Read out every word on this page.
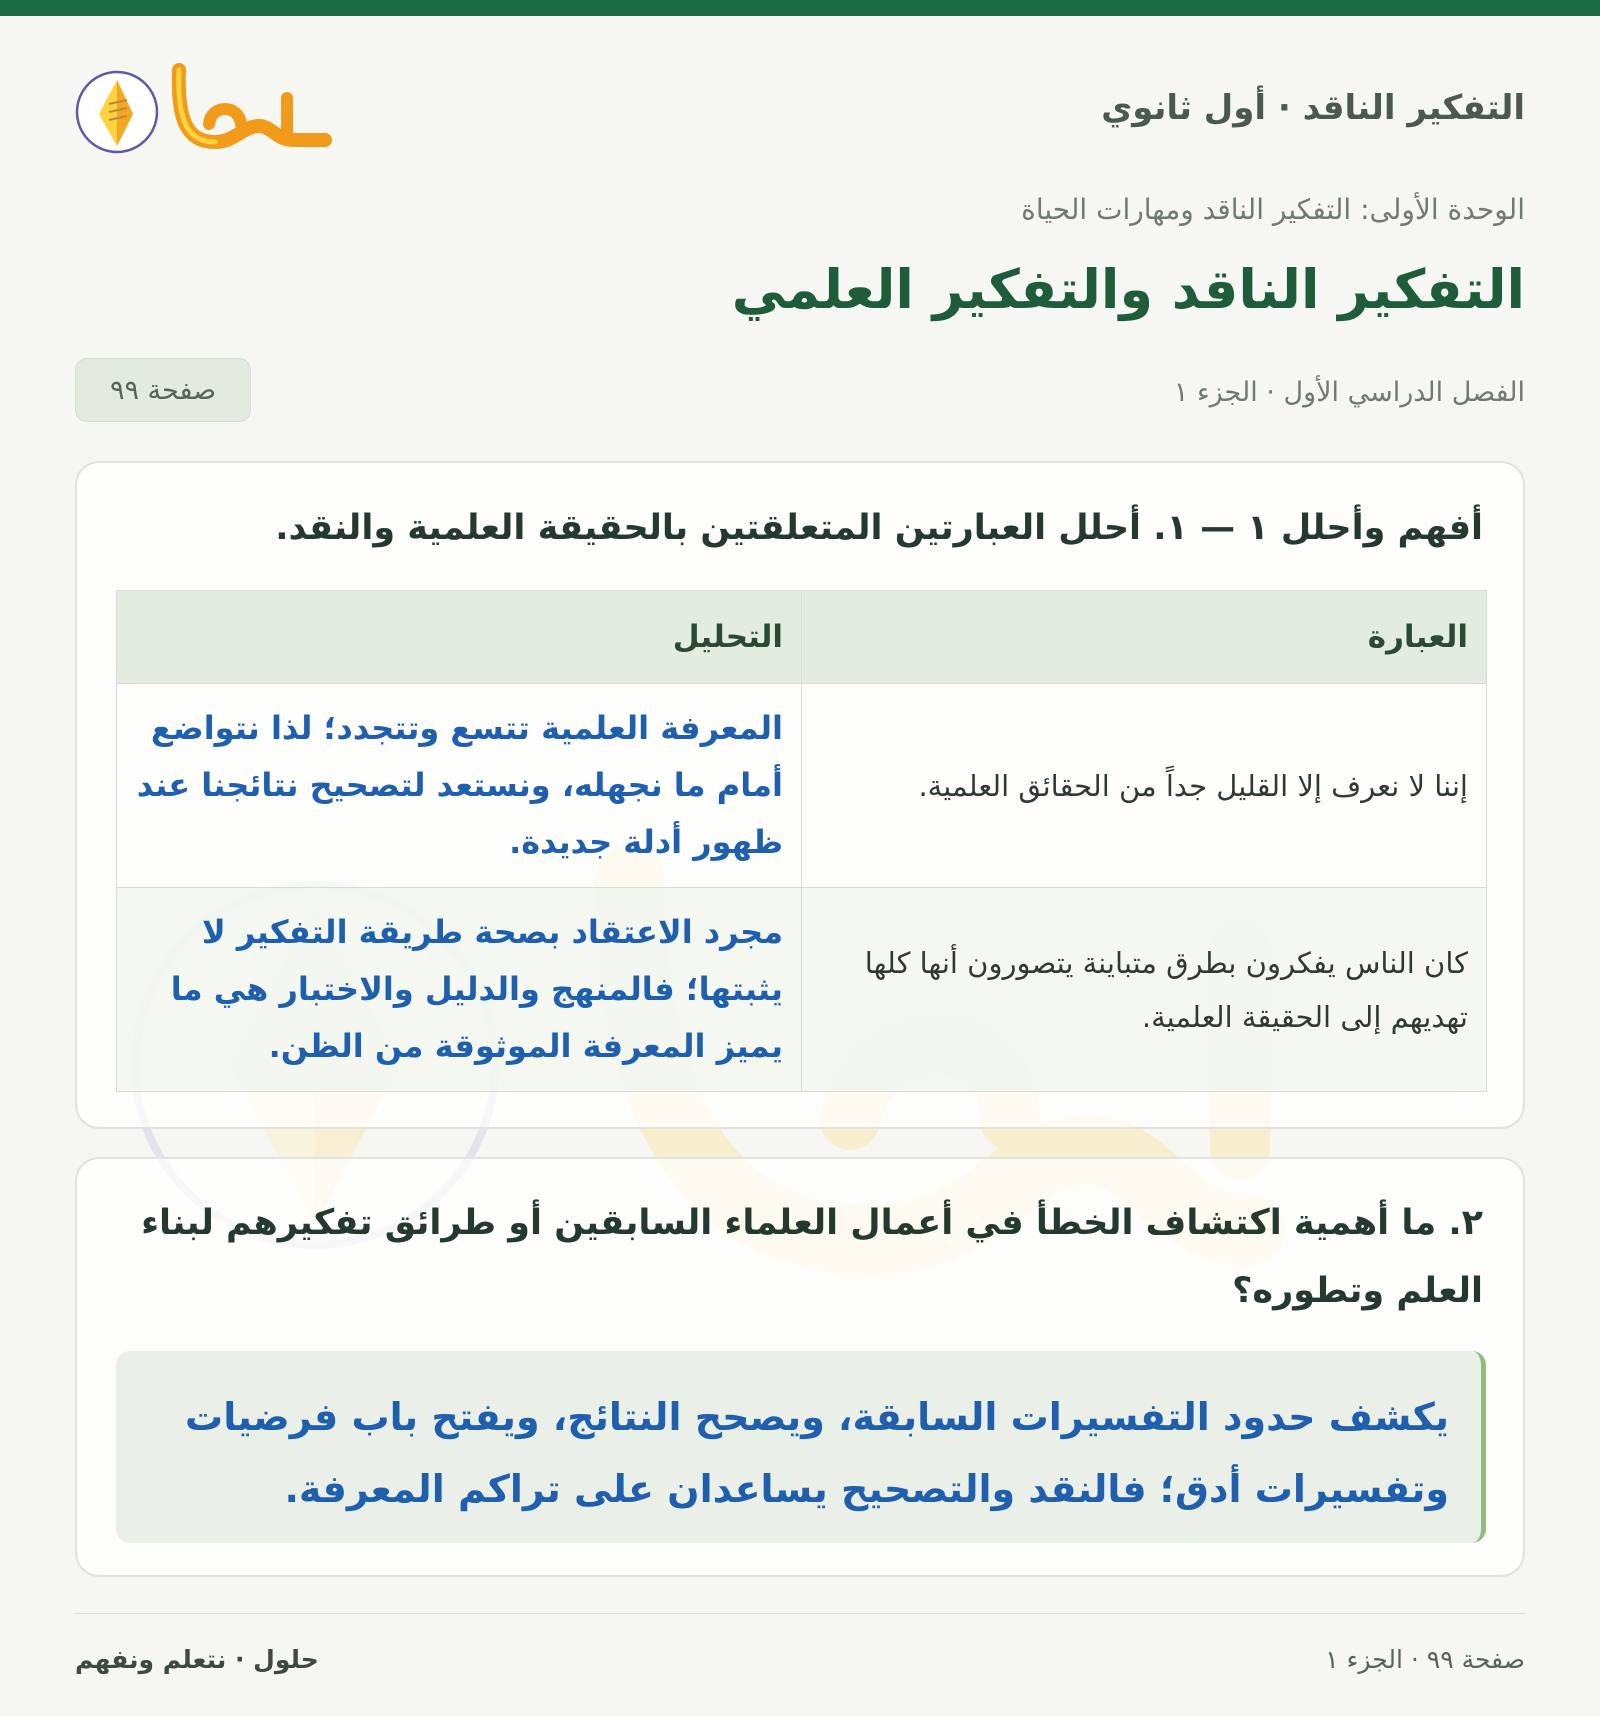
التفكير الناقد · أول ثانوي
الوحدة الأولى: التفكير الناقد ومهارات الحياة
التفكير الناقد والتفكير العلمي
الفصل الدراسي الأول · الجزء ١
صفحة ٩٩
أفهم وأحلل ١ — ١. أحلل العبارتين المتعلقتين بالحقيقة العلمية والنقد.
العبارة	التحليل
إننا لا نعرف إلا القليل جداً من الحقائق العلمية.	المعرفة العلمية تتسع وتتجدد؛ لذا نتواضع أمام ما نجهله، ونستعد لتصحيح نتائجنا عند ظهور أدلة جديدة.
كان الناس يفكرون بطرق متباينة يتصورون أنها كلها تهديهم إلى الحقيقة العلمية.	مجرد الاعتقاد بصحة طريقة التفكير لا يثبتها؛ فالمنهج والدليل والاختبار هي ما يميز المعرفة الموثوقة من الظن.
٢. ما أهمية اكتشاف الخطأ في أعمال العلماء السابقين أو طرائق تفكيرهم لبناء العلم وتطوره؟
يكشف حدود التفسيرات السابقة، ويصحح النتائج، ويفتح باب فرضيات وتفسيرات أدق؛ فالنقد والتصحيح يساعدان على تراكم المعرفة.
حلول · نتعلم ونفهم	صفحة ٩٩ · الجزء ١
